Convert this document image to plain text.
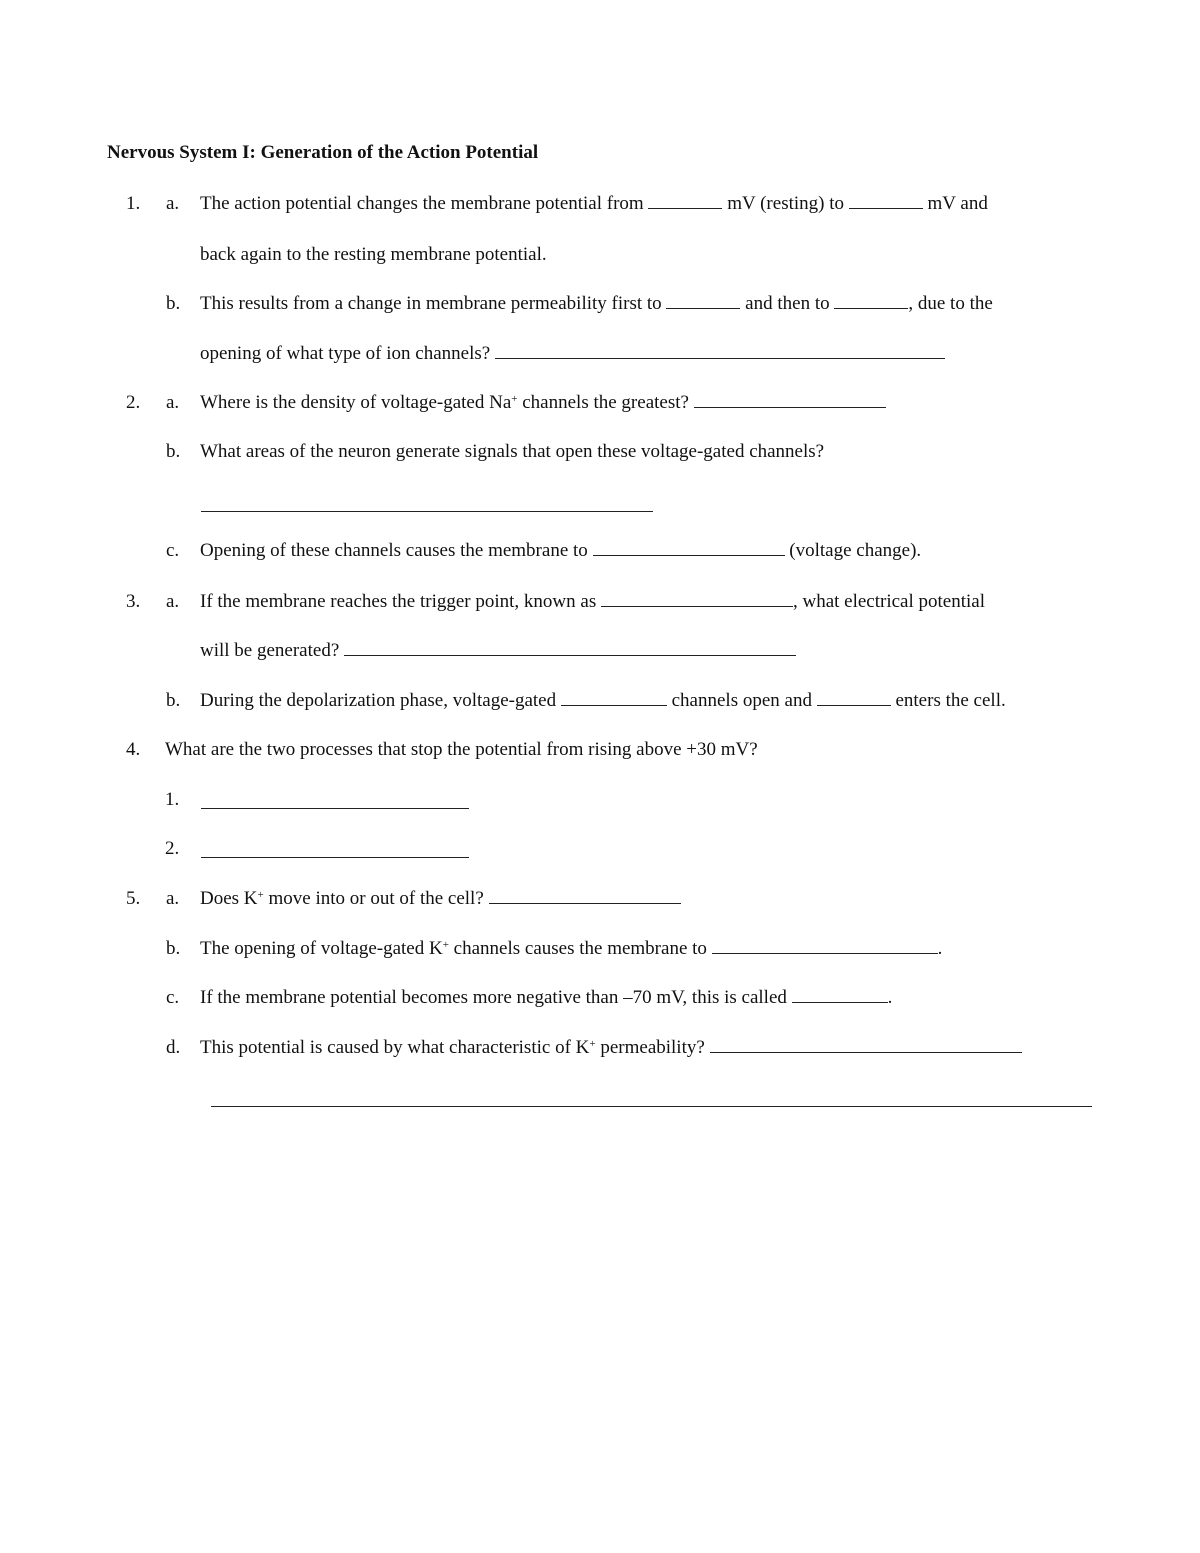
Nervous System I: Generation of the Action Potential
1. a. The action potential changes the membrane potential from	mV (resting) to	mV and
back again to the resting membrane potential.
b. This results from a change in membrane permeability first to	and then to	, due to the
opening of what type of ion channels?
2. a. Where is the density of voltage-gated Na+ channels the greatest?
b. What areas of the neuron generate signals that open these voltage-gated channels?
c. Opening of these channels causes the membrane to	(voltage change).
3. a. If the membrane reaches the trigger point, known as	, what electrical potential
will be generated?
b. During the depolarization phase, voltage-gated	channels open and	enters the cell.
4. What are the two processes that stop the potential from rising above +30 mV?
1.
2.
5. a. Does K+ move into or out of the cell?
b. The opening of voltage-gated K+ channels causes the membrane to	.
c. If the membrane potential becomes more negative than –70 mV, this is called	.
d. This potential is caused by what characteristic of K+ permeability?
